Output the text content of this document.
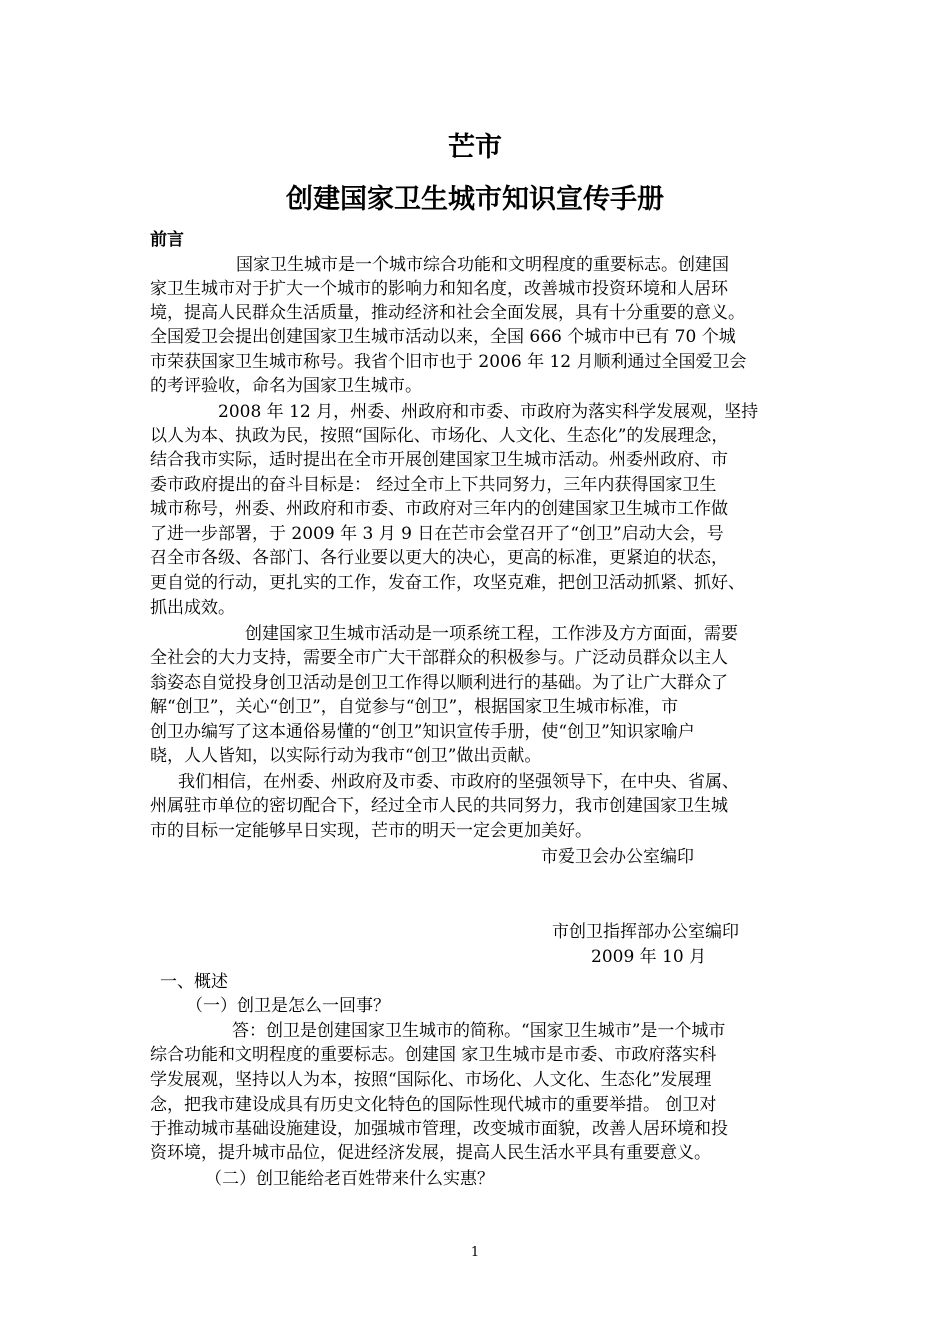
芒市
创建国家卫生城市知识宣传手册

前言

国家卫生城市是一个城市综合功能和文明程度的重要标志。创建国

家卫生城市对于扩大一个城市的影响力和知名度，改善城市投资环境和人居环

境，提高人民群众生活质量，推动经济和社会全面发展，具有十分重要的意义。

全国爱卫会提出创建国家卫生城市活动以来，全国 666 个城市中已有 70 个城

市荣获国家卫生城市称号。我省个旧市也于 2006 年 12 月顺利通过全国爱卫会

的考评验收，命名为国家卫生城市。

2008 年 12 月，州委、州政府和市委、市政府为落实科学发展观，坚持

以人为本、执政为民，按照“国际化、市场化、人文化、生态化”的发展理念，

结合我市实际，适时提出在全市开展创建国家卫生城市活动。州委州政府、市

委市政府提出的奋斗目标是： 经过全市上下共同努力，三年内获得国家卫生

城市称号，州委、州政府和市委、市政府对三年内的创建国家卫生城市工作做

了进一步部署，于 2009 年 3 月 9 日在芒市会堂召开了“创卫”启动大会，号

召全市各级、各部门、各行业要以更大的决心，更高的标准，更紧迫的状态，

更自觉的行动，更扎实的工作，发奋工作，攻坚克难，把创卫活动抓紧、抓好、

抓出成效。

创建国家卫生城市活动是一项系统工程，工作涉及方方面面，需要

全社会的大力支持，需要全市广大干部群众的积极参与。广泛动员群众以主人

翁姿态自觉投身创卫活动是创卫工作得以顺利进行的基础。为了让广大群众了

解“创卫”，关心“创卫”，自觉参与“创卫”，根据国家卫生城市标准，市

创卫办编写了这本通俗易懂的“创卫”知识宣传手册，使“创卫”知识家喻户

晓，人人皆知，以实际行动为我市“创卫”做出贡献。

我们相信，在州委、州政府及市委、市政府的坚强领导下，在中央、省属、

州属驻市单位的密切配合下，经过全市人民的共同努力，我市创建国家卫生城

市的目标一定能够早日实现，芒市的明天一定会更加美好。

市爱卫会办公室编印

市创卫指挥部办公室编印

2009 年 10 月

一、概述

（一）创卫是怎么一回事？

答：创卫是创建国家卫生城市的简称。“国家卫生城市”是一个城市

综合功能和文明程度的重要标志。创建国 家卫生城市是市委、市政府落实科

学发展观，坚持以人为本，按照“国际化、市场化、人文化、生态化”发展理

念，把我市建设成具有历史文化特色的国际性现代城市的重要举措。 创卫对

于推动城市基础设施建设，加强城市管理，改变城市面貌，改善人居环境和投

资环境，提升城市品位，促进经济发展，提高人民生活水平具有重要意义。

（二）创卫能给老百姓带来什么实惠？

1
